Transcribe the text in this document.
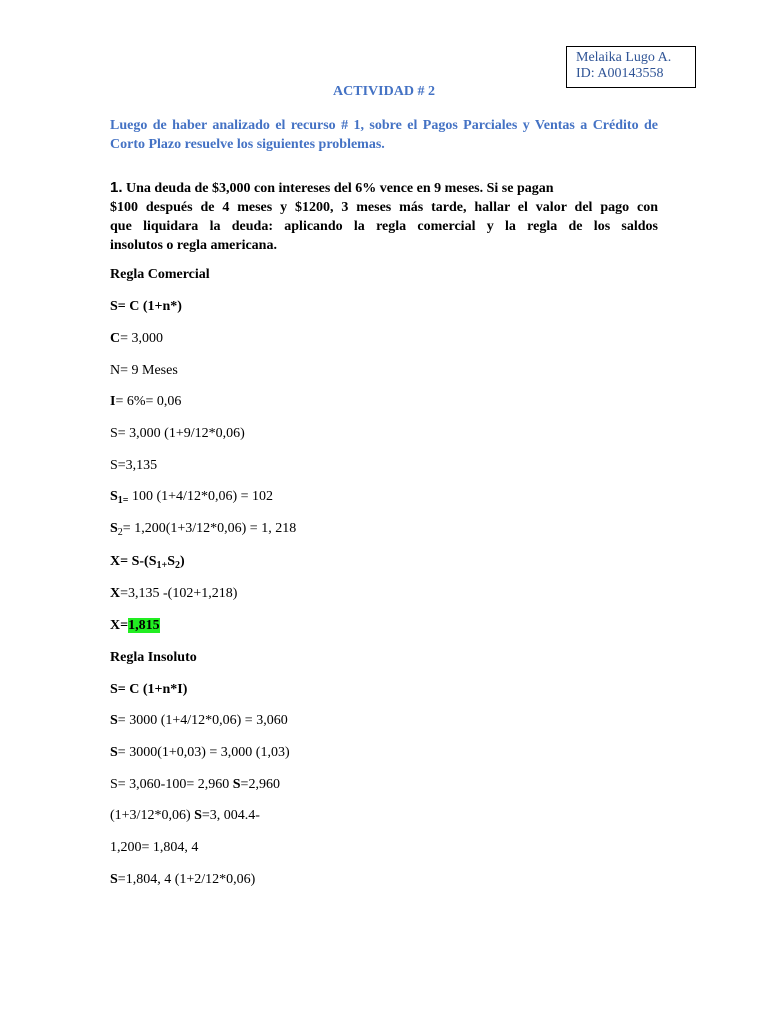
Melaika Lugo A.
ID: A00143558
ACTIVIDAD # 2
Luego de haber analizado el recurso # 1, sobre el Pagos Parciales y Ventas a Crédito de Corto Plazo resuelve los siguientes problemas.
1. Una deuda de $3,000 con intereses del 6% vence en 9 meses. Si se pagan
$100 después de 4 meses y $1200, 3 meses más tarde, hallar el valor del pago con
que liquidara la deuda: aplicando la regla comercial y la regla de los saldos
insolutos o regla americana.
Regla Comercial
S= C (1+n*)
C= 3,000
N= 9 Meses
I= 6%= 0,06
S= 3,000 (1+9/12*0,06)
S=3,135
$S_{1=}$ 100 (1+4/12*0,06) = 102
$S_2= 1,200(1+3/12*0,06) = 1$, 218
$X= S-(S_{1+}S_2)$
X=3,135 -(102+1,218)
X=1,815
Regla Insoluto
S= C (1+n*I)
S= 3000 (1+4/12*0,06) = 3,060
S= 3000(1+0,03) = 3,000 (1,03)
S= 3,060-100= 2,960 S=2,960
(1+3/12*0,06) S=3, 004.4-
1,200= 1,804, 4
S=1,804, 4 (1+2/12*0,06)
